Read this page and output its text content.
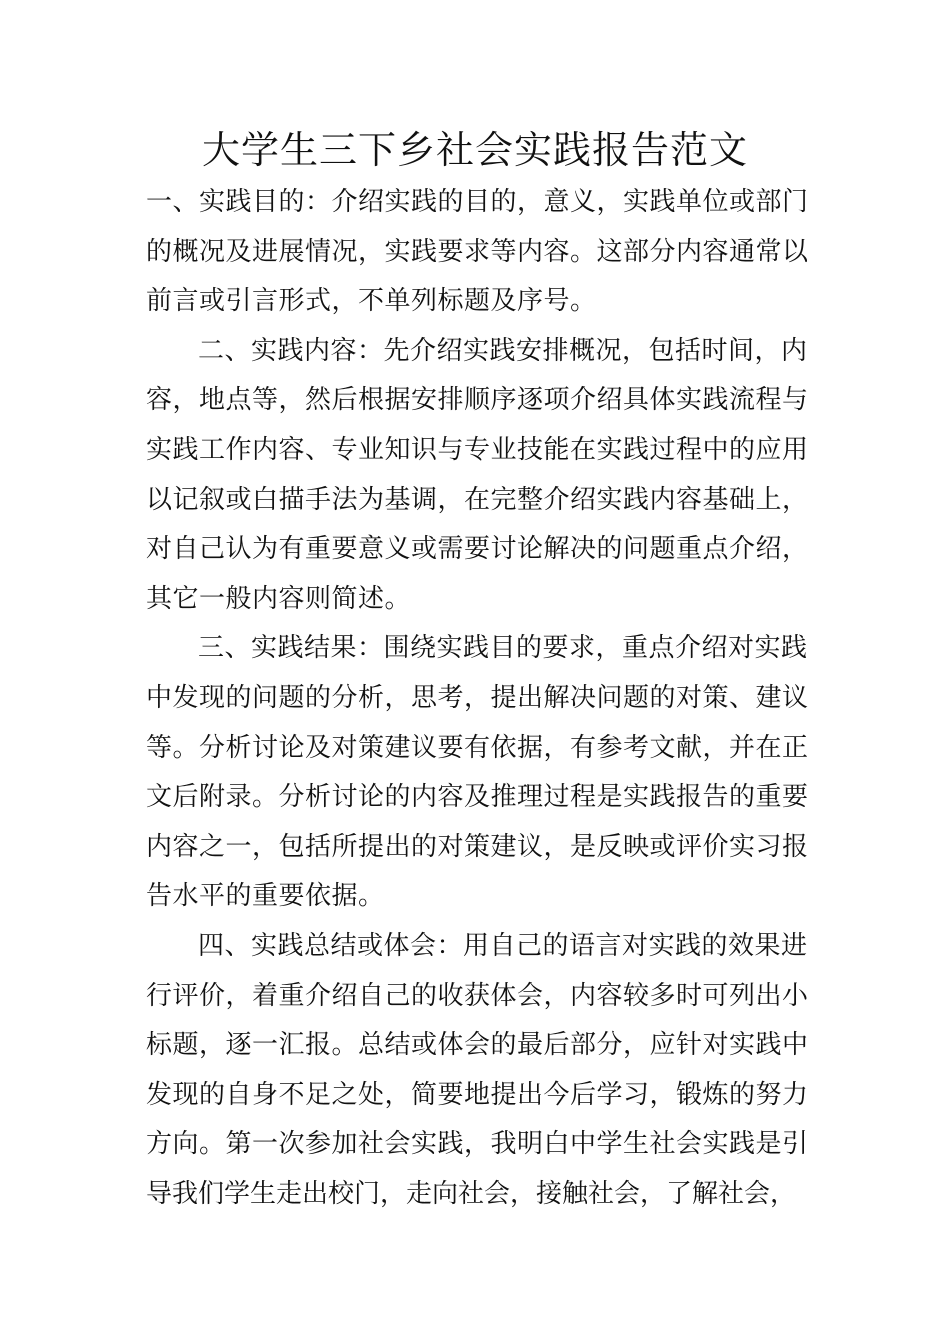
大学生三下乡社会实践报告范文
一、实践目的：介绍实践的目的，意义，实践单位或部门
的概况及进展情况，实践要求等内容。这部分内容通常以
前言或引言形式，不单列标题及序号。
二、实践内容：先介绍实践安排概况，包括时间，内
容，地点等，然后根据安排顺序逐项介绍具体实践流程与
实践工作内容、专业知识与专业技能在实践过程中的应用
以记叙或白描手法为基调，在完整介绍实践内容基础上，
对自己认为有重要意义或需要讨论解决的问题重点介绍，
其它一般内容则简述。
三、实践结果：围绕实践目的要求，重点介绍对实践
中发现的问题的分析，思考，提出解决问题的对策、建议
等。分析讨论及对策建议要有依据，有参考文献，并在正
文后附录。分析讨论的内容及推理过程是实践报告的重要
内容之一，包括所提出的对策建议，是反映或评价实习报
告水平的重要依据。
四、实践总结或体会：用自己的语言对实践的效果进
行评价，着重介绍自己的收获体会，内容较多时可列出小
标题，逐一汇报。总结或体会的最后部分，应针对实践中
发现的自身不足之处，简要地提出今后学习，锻炼的努力
方向。第一次参加社会实践，我明白中学生社会实践是引
导我们学生走出校门，走向社会，接触社会，了解社会，
